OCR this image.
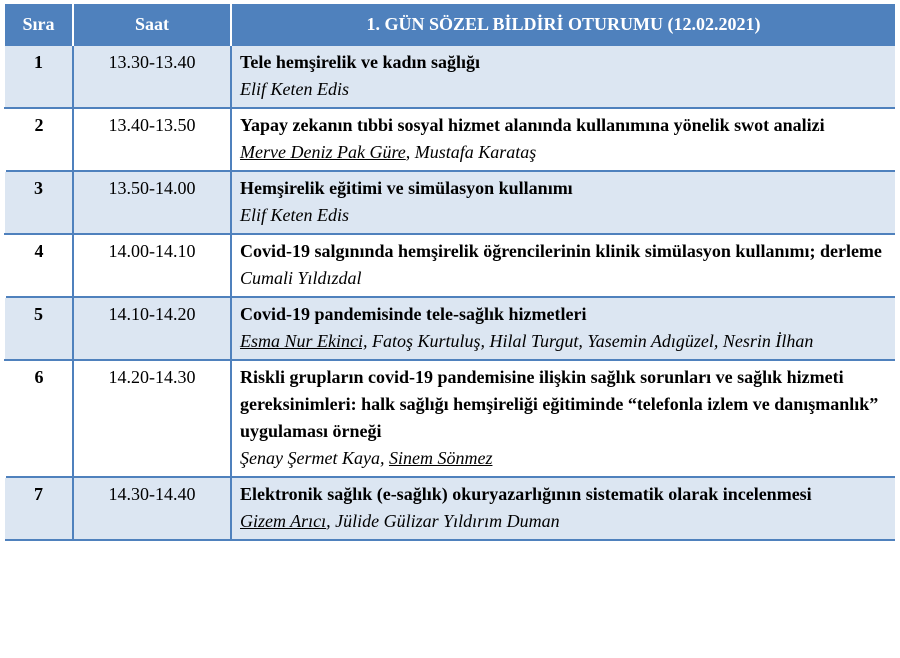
Sıra	Saat	1. GÜN SÖZEL BİLDİRİ OTURUMU (12.02.2021)
1	13.30-13.40	Tele hemşirelik ve kadın sağlığı
Elif Keten Edis

2	13.40-13.50	Yapay zekanın tıbbi sosyal hizmet alanında kullanımına yönelik swot analizi
Merve Deniz Pak Güre, Mustafa Karataş

3	13.50-14.00	Hemşirelik eğitimi ve simülasyon kullanımı
Elif Keten Edis

4	14.00-14.10	Covid-19 salgınında hemşirelik öğrencilerinin klinik simülasyon kullanımı; derleme
Cumali Yıldızdal

5	14.10-14.20	Covid-19 pandemisinde tele-sağlık hizmetleri
Esma Nur Ekinci, Fatoş Kurtuluş, Hilal Turgut, Yasemin Adıgüzel, Nesrin İlhan

6	14.20-14.30	Riskli grupların covid-19 pandemisine ilişkin sağlık sorunları ve sağlık hizmeti gereksinimleri: halk sağlığı hemşireliği eğitiminde “telefonla izlem ve danışmanlık” uygulaması örneği
Şenay Şermet Kaya, Sinem Sönmez

7	14.30-14.40	Elektronik sağlık (e-sağlık) okuryazarlığının sistematik olarak incelenmesi
Gizem Arıcı, Jülide Gülizar Yıldırım Duman
